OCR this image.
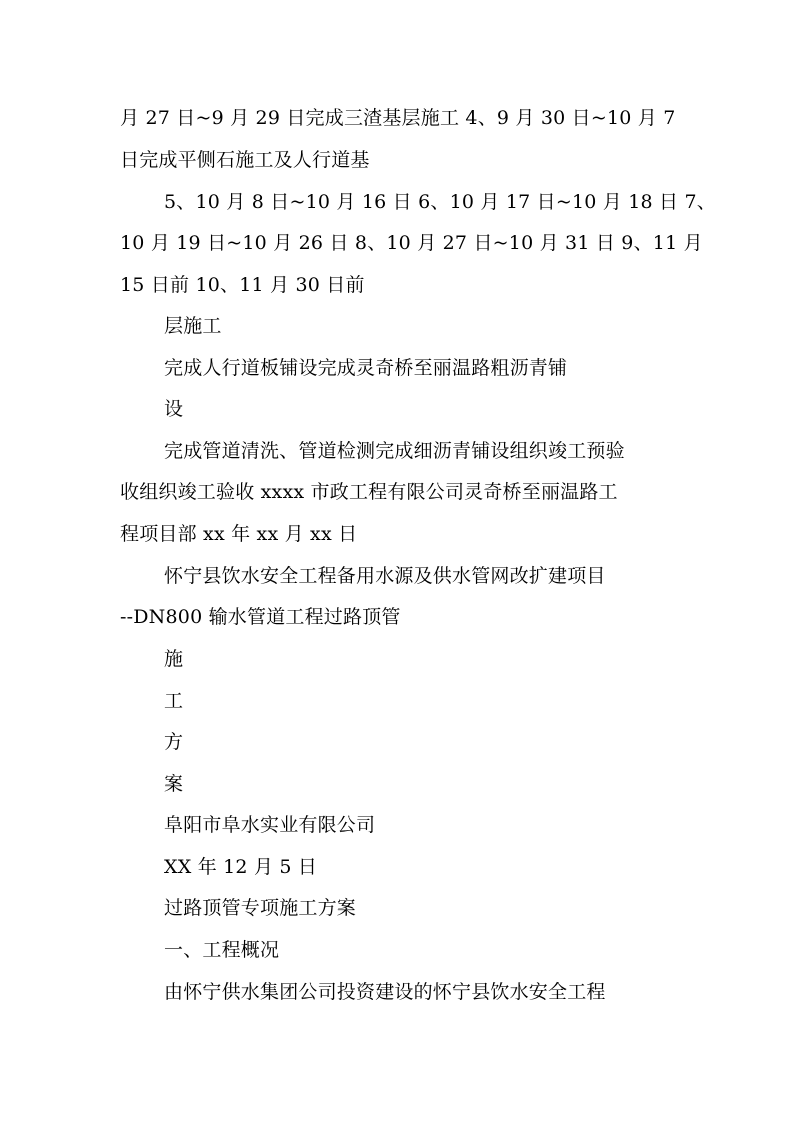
月 27 日~9 月 29 日完成三渣基层施工 4、9 月 30 日~10 月 7
日完成平侧石施工及人行道基
5、10 月 8 日~10 月 16 日 6、10 月 17 日~10 月 18 日 7、
10 月 19 日~10 月 26 日 8、10 月 27 日~10 月 31 日 9、11 月
15 日前 10、11 月 30 日前
层施工
完成人行道板铺设完成灵奇桥至丽温路粗沥青铺
设
完成管道清洗、管道检测完成细沥青铺设组织竣工预验
收组织竣工验收 xxxx 市政工程有限公司灵奇桥至丽温路工
程项目部 xx 年 xx 月 xx 日
怀宁县饮水安全工程备用水源及供水管网改扩建项目
--DN800 输水管道工程过路顶管
施
工
方
案
阜阳市阜水实业有限公司
XX 年 12 月 5 日
过路顶管专项施工方案
一、工程概况
由怀宁供水集团公司投资建设的怀宁县饮水安全工程
